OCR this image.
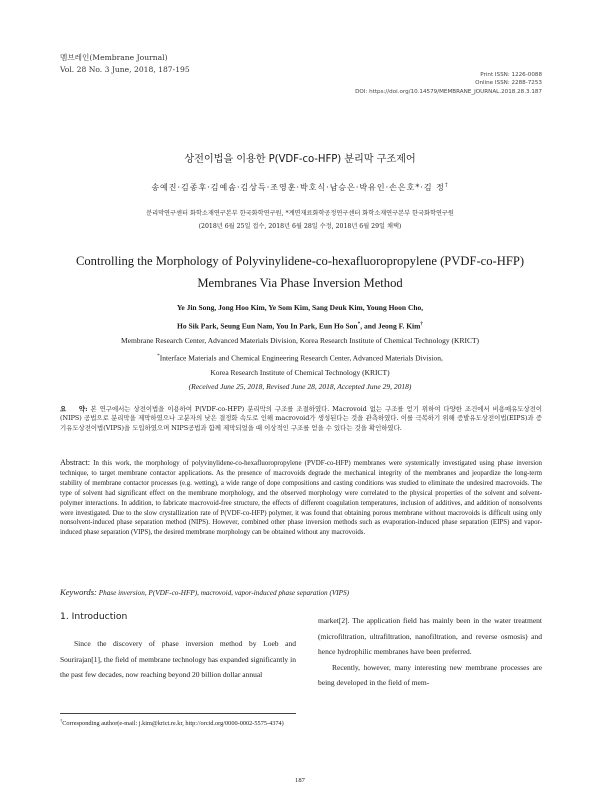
멤브레인(Membrane Journal)
Vol. 28 No. 3 June, 2018, 187-195
Print ISSN: 1226-0088
Online ISSN: 2288-7253
DOI: https://doi.org/10.14579/MEMBRANE_JOURNAL.2018.28.3.187
상전이법을 이용한 P(VDF-co-HFP) 분리막 구조제어
송예진·김종후·김예솜·김상득·조영훈·박호식·남승은·박유인·손은호*·김 정†
분리막연구센터 화학소재연구본부 한국화학연구원, *계면재료화학공정연구센터 화학소재연구본부 한국화학연구원
(2018년 6월 25일 접수, 2018년 6월 28일 수정, 2018년 6월 29일 채택)
Controlling the Morphology of Polyvinylidene-co-hexafluoropropylene (PVDF-co-HFP)
Membranes Via Phase Inversion Method
Ye Jin Song, Jong Hoo Kim, Ye Som Kim, Sang Deuk Kim, Young Hoon Cho,
Ho Sik Park, Seung Eun Nam, You In Park, Eun Ho Son*, and Jeong F. Kim†
Membrane Research Center, Advanced Materials Division, Korea Research Institute of Chemical Technology (KRICT)
*Interface Materials and Chemical Engineering Research Center, Advanced Materials Division,
Korea Research Institute of Chemical Technology (KRICT)
(Received June 25, 2018, Revised June 28, 2018, Accepted June 29, 2018)
요    약: 본 연구에서는 상전이법을 이용하여 P(VDF-co-HFP) 분리막의 구조를 조절하였다. Macrovoid 없는 구조를 얻기 위하여 다양한 조건에서 비용매유도상전이(NIPS) 공법으로 분리막을 제막하였으나 고분자의 낮은 결정화 속도로 인해 macrovoid가 생성된다는 것을 관측하였다. 이를 극복하기 위해 증발유도상전이법(EIPS)과 증기유도상전이법(VIPS)을 도입하였으며 NIPS공법과 함께 제막되었을 때 이상적인 구조를 얻을 수 있다는 것을 확인하였다.
Abstract: In this work, the morphology of polyvinylidene-co-hexafluoropropylene (PVDF-co-HFP) membranes were systemically investigated using phase inversion technique, to target membrane contactor applications. As the presence of macrovoids degrade the mechanical integrity of the membranes and jeopardize the long-term stability of membrane contactor processes (e.g. wetting), a wide range of dope compositions and casting conditions was studied to eliminate the undesired macrovoids. The type of solvent had significant effect on the membrane morphology, and the observed morphology were correlated to the physical properties of the solvent and solvent-polymer interactions. In addition, to fabricate macrovoid-free structure, the effects of different coagulation temperatures, inclusion of additives, and addition of nonsolvents were investigated. Due to the slow crystallization rate of P(VDF-co-HFP) polymer, it was found that obtaining porous membrane without macrovoids is difficult using only nonsolvent-induced phase separation method (NIPS). However, combined other phase inversion methods such as evaporation-induced phase separation (EIPS) and vapor-induced phase separation (VIPS), the desired membrane morphology can be obtained without any macrovoids.
Keywords: Phase inversion, P(VDF-co-HFP), macrovoid, vapor-induced phase separation (VIPS)
1. Introduction

Since the discovery of phase inversion method by Loeb and Sourirajan[1], the field of membrane technology has expanded significantly in the past few decades, now reaching beyond 20 billion dollar annual

market[2]. The application field has mainly been in the water treatment (microfiltration, ultrafiltration, nanofiltration, and reverse osmosis) and hence hydrophilic membranes have been preferred.

Recently, however, many interesting new membrane processes are being developed in the field of mem-

†Corresponding author(e-mail: j.kim@krict.re.kr, http://orcid.org/0000-0002-5575-4374)
187
